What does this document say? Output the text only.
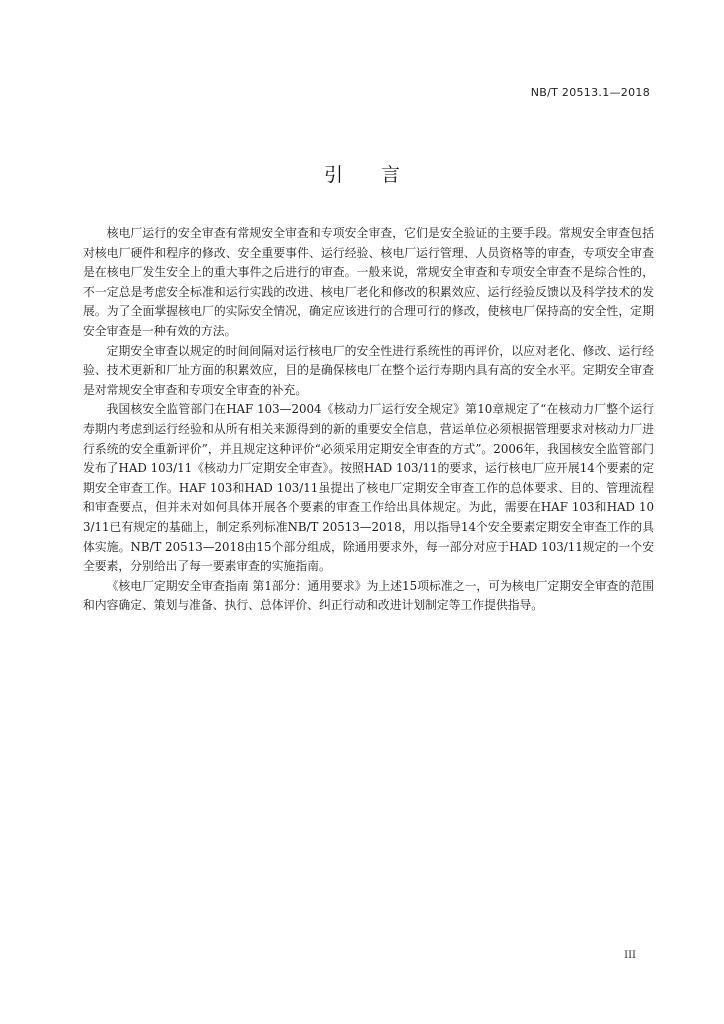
NB/T 20513.1—2018
引 言

核电厂运行的安全审查有常规安全审查和专项安全审查，它们是安全验证的主要手段。常规安全审查包括对核电厂硬件和程序的修改、安全重要事件、运行经验、核电厂运行管理、人员资格等的审查，专项安全审查是在核电厂发生安全上的重大事件之后进行的审查。一般来说，常规安全审查和专项安全审查不是综合性的，不一定总是考虑安全标准和运行实践的改进、核电厂老化和修改的积累效应、运行经验反馈以及科学技术的发展。为了全面掌握核电厂的实际安全情况，确定应该进行的合理可行的修改，使核电厂保持高的安全性，定期安全审查是一种有效的方法。

定期安全审查以规定的时间间隔对运行核电厂的安全性进行系统性的再评价，以应对老化、修改、运行经验、技术更新和厂址方面的积累效应，目的是确保核电厂在整个运行寿期内具有高的安全水平。定期安全审查是对常规安全审查和专项安全审查的补充。

我国核安全监管部门在HAF 103—2004《核动力厂运行安全规定》第10章规定了“在核动力厂整个运行寿期内考虑到运行经验和从所有相关来源得到的新的重要安全信息，营运单位必须根据管理要求对核动力厂进行系统的安全重新评价”，并且规定这种评价“必须采用定期安全审查的方式”。2006年，我国核安全监管部门发布了HAD 103/11《核动力厂定期安全审查》。按照HAD 103/11的要求，运行核电厂应开展14个要素的定期安全审查工作。HAF 103和HAD 103/11虽提出了核电厂定期安全审查工作的总体要求、目的、管理流程和审查要点，但并未对如何具体开展各个要素的审查工作给出具体规定。为此，需要在HAF 103和HAD 103/11已有规定的基础上，制定系列标准NB/T 20513—2018，用以指导14个安全要素定期安全审查工作的具体实施。NB/T 20513—2018由15个部分组成，除通用要求外，每一部分对应于HAD 103/11规定的一个安全要素，分别给出了每一要素审查的实施指南。

《核电厂定期安全审查指南 第1部分：通用要求》为上述15项标准之一，可为核电厂定期安全审查的范围和内容确定、策划与准备、执行、总体评价、纠正行动和改进计划制定等工作提供指导。

III
